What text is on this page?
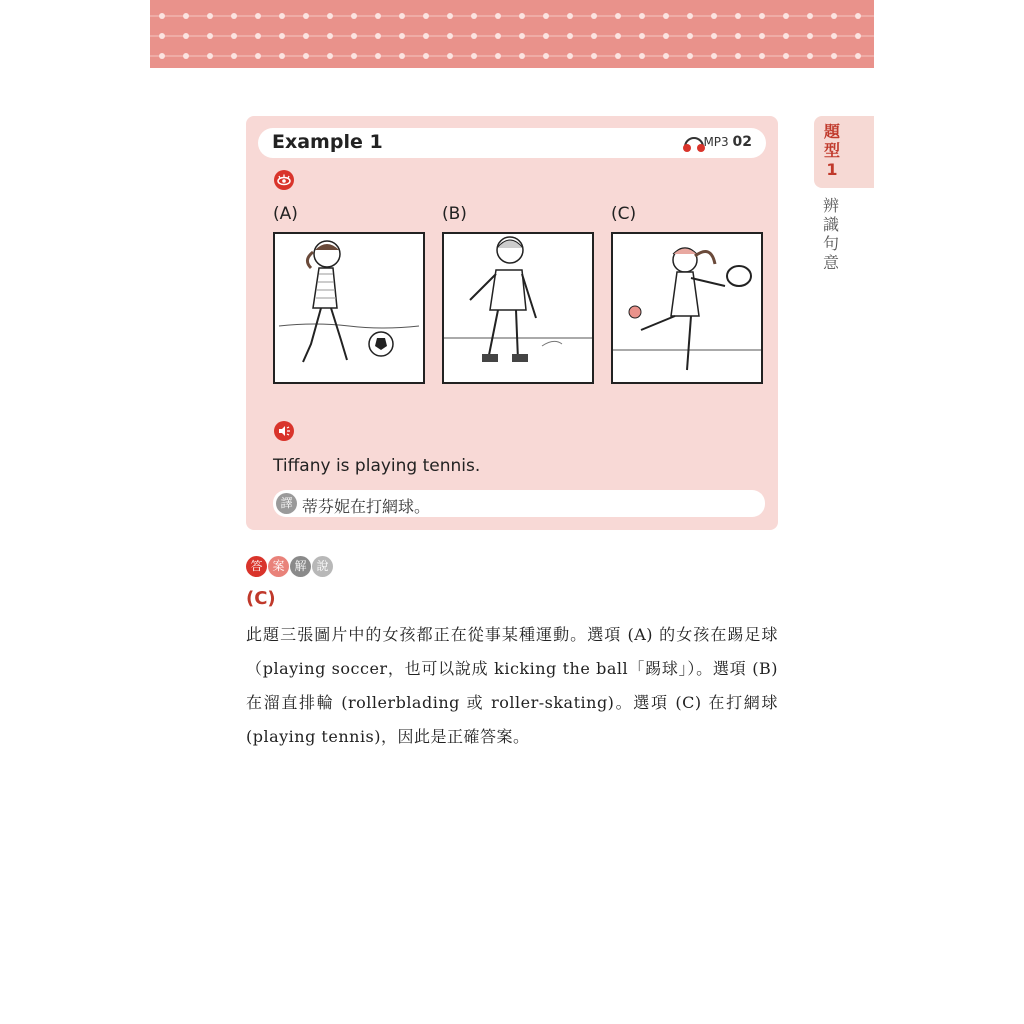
題型1
辨識句意
Example 1	MP3 02
(A)	(B)	(C)
Tiffany is playing tennis.
譯 蒂芬妮在打網球。
答 案 解 說
(C)
此題三張圖片中的女孩都正在從事某種運動。選項 (A) 的女孩在踢足球（playing soccer，也可以說成 kicking the ball「踢球」）。選項 (B) 在溜直排輪 (rollerblading 或 roller-skating)。選項 (C) 在打網球 (playing tennis)，因此是正確答案。
